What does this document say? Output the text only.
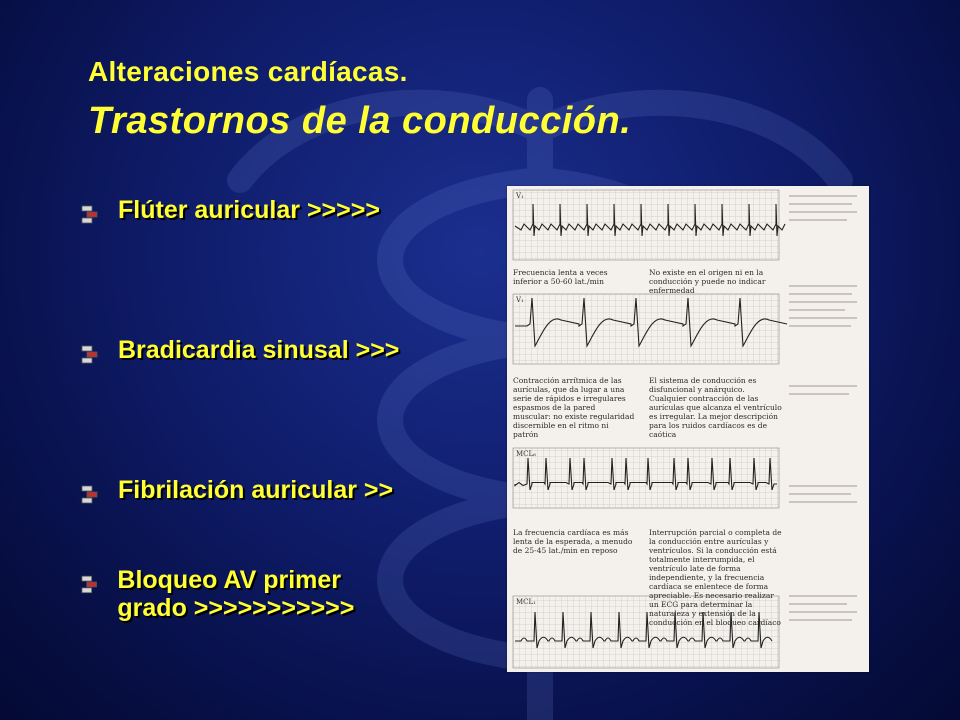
Alteraciones cardíacas.
Trastornos de la conducción.
Flúter auricular >>>>>
Bradicardia sinusal >>>
Fibrilación auricular >>
Bloqueo AV primer grado >>>>>>>>>>>
V₁
V₁
MCL₆
MCL₁
Frecuencia lenta a veces inferior a 50-60 lat./min
No existe en el origen ni en la conducción y puede no indicar enfermedad
Contracción arrítmica de las aurículas, que da lugar a una serie de rápidos e irregulares espasmos de la pared muscular: no existe regularidad discernible en el ritmo ni patrón
El sistema de conducción es disfuncional y anárquico. Cualquier contracción de las aurículas que alcanza el ventrículo es irregular. La mejor descripción para los ruidos cardíacos es de caótica
La frecuencia cardíaca es más lenta de la esperada, a menudo de 25-45 lat./min en reposo
Interrupción parcial o completa de la conducción entre aurículas y ventrículos. Si la conducción está totalmente interrumpida, el ventrículo late de forma independiente, y la frecuencia cardíaca se enlentece de forma apreciable. Es necesario realizar un ECG para determinar la naturaleza y extensión de la conducción en el bloqueo cardíaco
